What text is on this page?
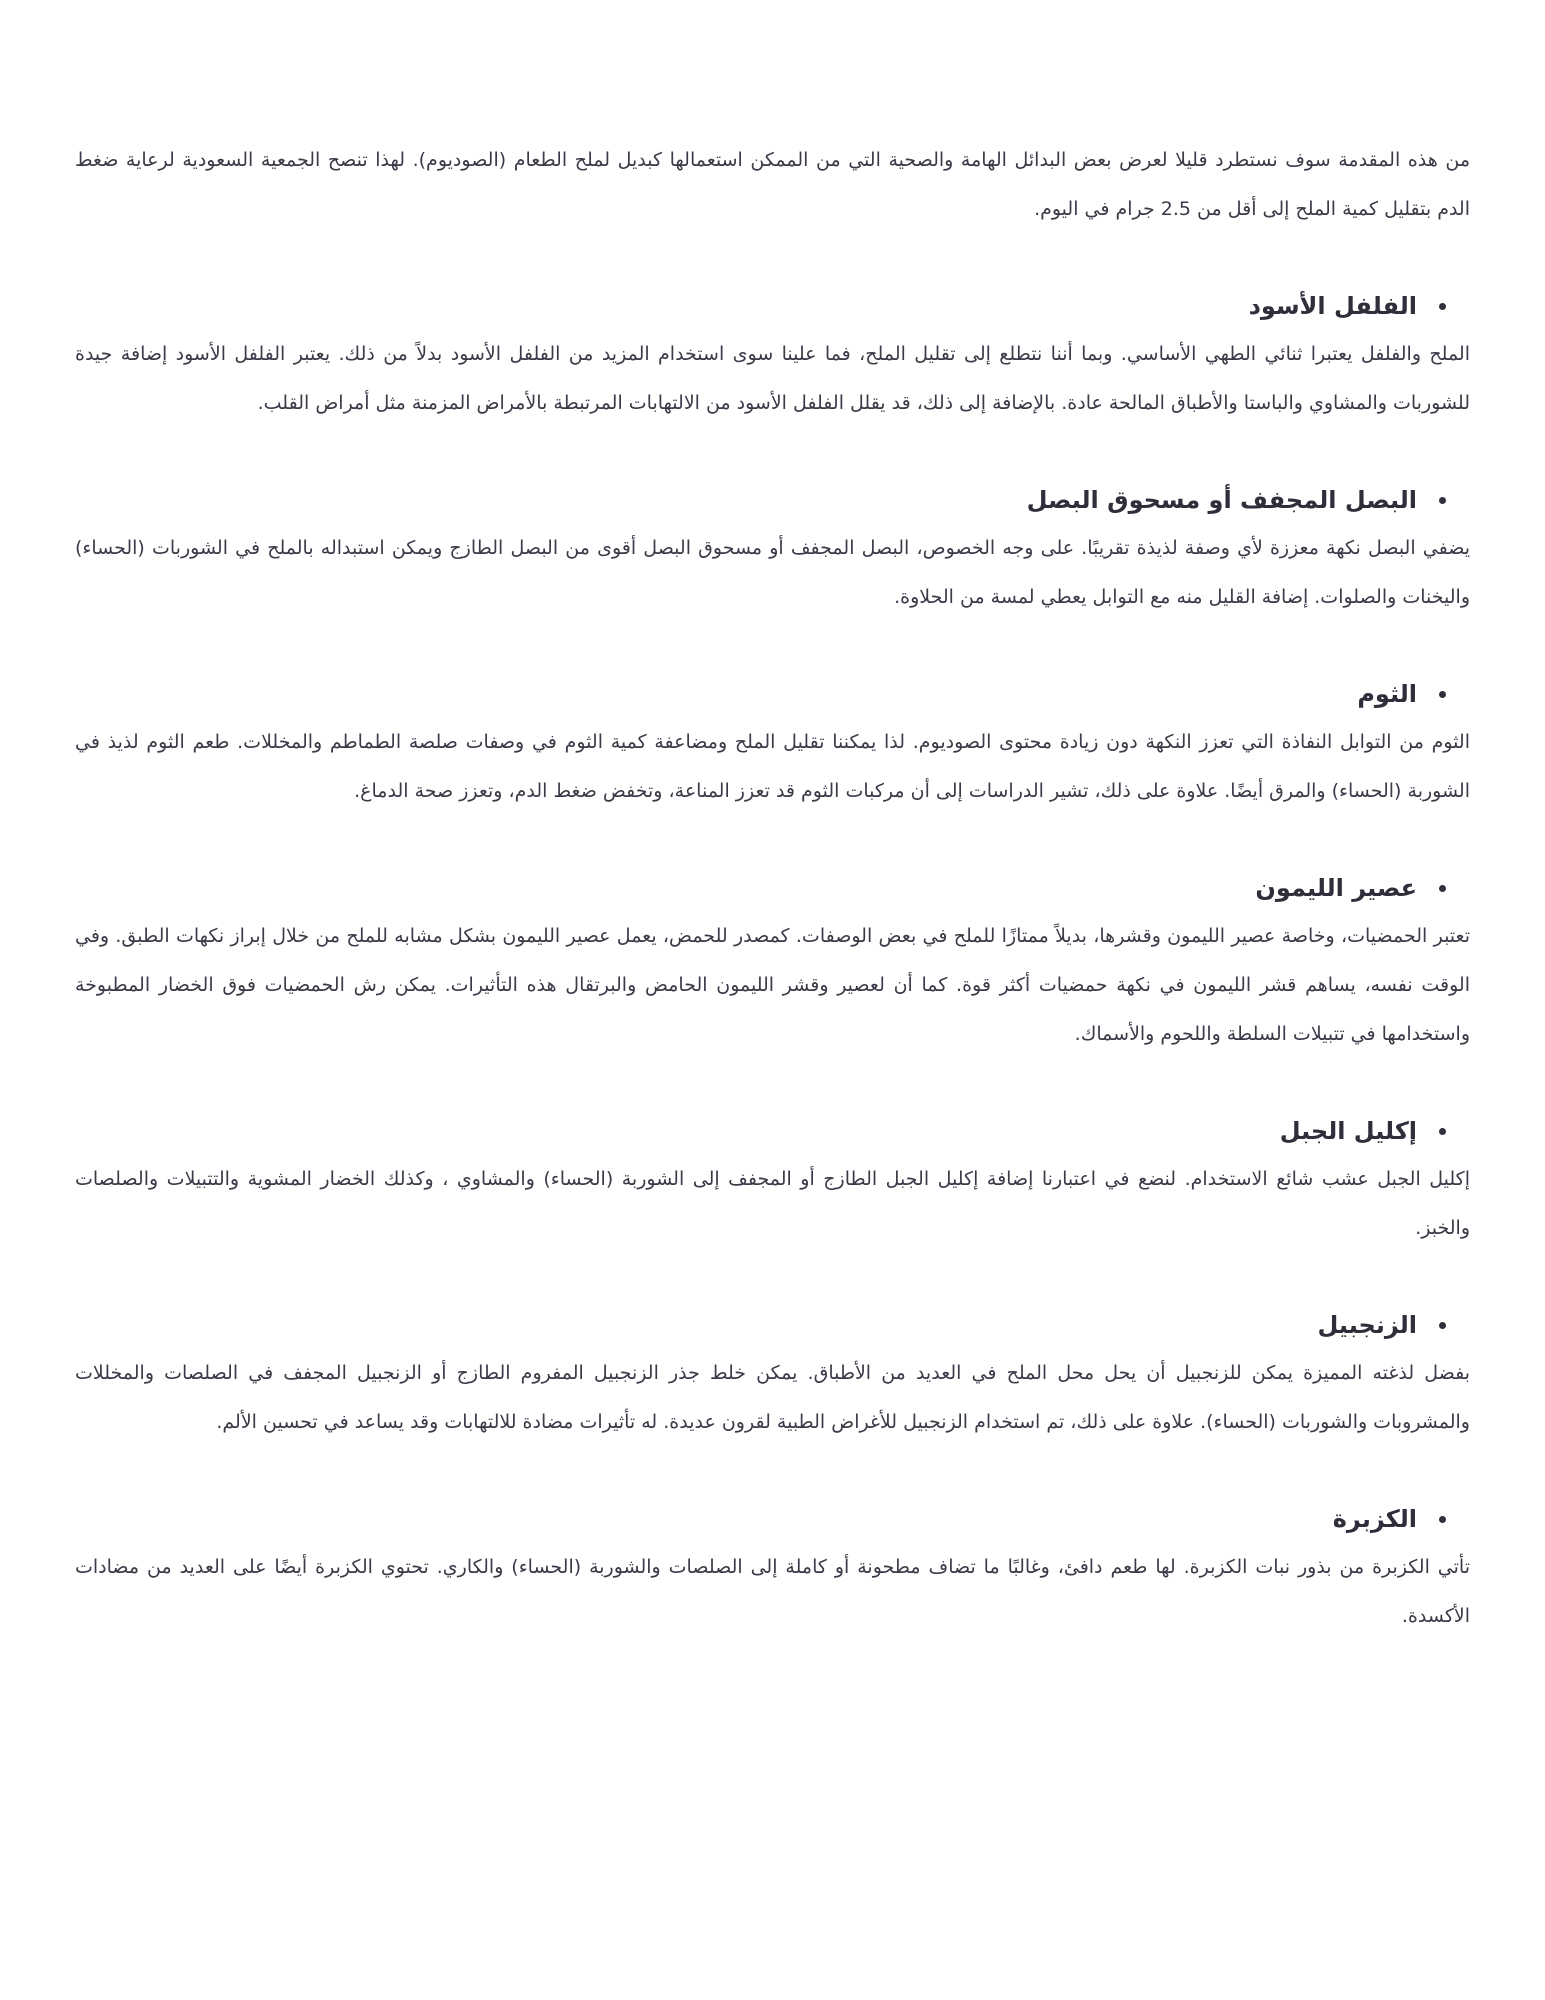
من هذه المقدمة سوف نستطرد قليلا لعرض بعض البدائل الهامة والصحية التي من الممكن استعمالها كبديل لملح الطعام (الصوديوم). لهذا تنصح الجمعية السعودية لرعاية ضغط الدم بتقليل كمية الملح إلى أقل من 2.5 جرام في اليوم.

الفلفل الأسود

الملح والفلفل يعتبرا ثنائي الطهي الأساسي. وبما أننا نتطلع إلى تقليل الملح، فما علينا سوى استخدام المزيد من الفلفل الأسود بدلاً من ذلك. يعتبر الفلفل الأسود إضافة جيدة للشوربات والمشاوي والباستا والأطباق المالحة عادة. بالإضافة إلى ذلك، قد يقلل الفلفل الأسود من الالتهابات المرتبطة بالأمراض المزمنة مثل أمراض القلب.

البصل المجفف أو مسحوق البصل

يضفي البصل نكهة معززة لأي وصفة لذيذة تقريبًا. على وجه الخصوص، البصل المجفف أو مسحوق البصل أقوى من البصل الطازج ويمكن استبداله بالملح في الشوربات (الحساء) واليخنات والصلوات. إضافة القليل منه مع التوابل يعطي لمسة من الحلاوة.

الثوم

الثوم من التوابل النفاذة التي تعزز النكهة دون زيادة محتوى الصوديوم. لذا يمكننا تقليل الملح ومضاعفة كمية الثوم في وصفات صلصة الطماطم والمخللات. طعم الثوم لذيذ في الشوربة (الحساء) والمرق أيضًا. علاوة على ذلك، تشير الدراسات إلى أن مركبات الثوم قد تعزز المناعة، وتخفض ضغط الدم، وتعزز صحة الدماغ.

عصير الليمون

تعتبر الحمضيات، وخاصة عصير الليمون وقشرها، بديلاً ممتازًا للملح في بعض الوصفات. كمصدر للحمض، يعمل عصير الليمون بشكل مشابه للملح من خلال إبراز نكهات الطبق. وفي الوقت نفسه، يساهم قشر الليمون في نكهة حمضيات أكثر قوة. كما أن لعصير وقشر الليمون الحامض والبرتقال هذه التأثيرات. يمكن رش الحمضيات فوق الخضار المطبوخة واستخدامها في تتبيلات السلطة واللحوم والأسماك.

إكليل الجبل

إكليل الجبل عشب شائع الاستخدام. لنضع في اعتبارنا إضافة إكليل الجبل الطازج أو المجفف إلى الشوربة (الحساء) والمشاوي ، وكذلك الخضار المشوية والتتبيلات والصلصات والخبز.

الزنجبيل

بفضل لذغته المميزة يمكن للزنجبيل أن يحل محل الملح في العديد من الأطباق. يمكن خلط جذر الزنجبيل المفروم الطازج أو الزنجبيل المجفف في الصلصات والمخللات والمشروبات والشوربات (الحساء). علاوة على ذلك، تم استخدام الزنجبيل للأغراض الطبية لقرون عديدة. له تأثيرات مضادة للالتهابات وقد يساعد في تحسين الألم.

الكزبرة

تأتي الكزبرة من بذور نبات الكزبرة. لها طعم دافئ، وغالبًا ما تضاف مطحونة أو كاملة إلى الصلصات والشوربة (الحساء) والكاري. تحتوي الكزبرة أيضًا على العديد من مضادات الأكسدة.
